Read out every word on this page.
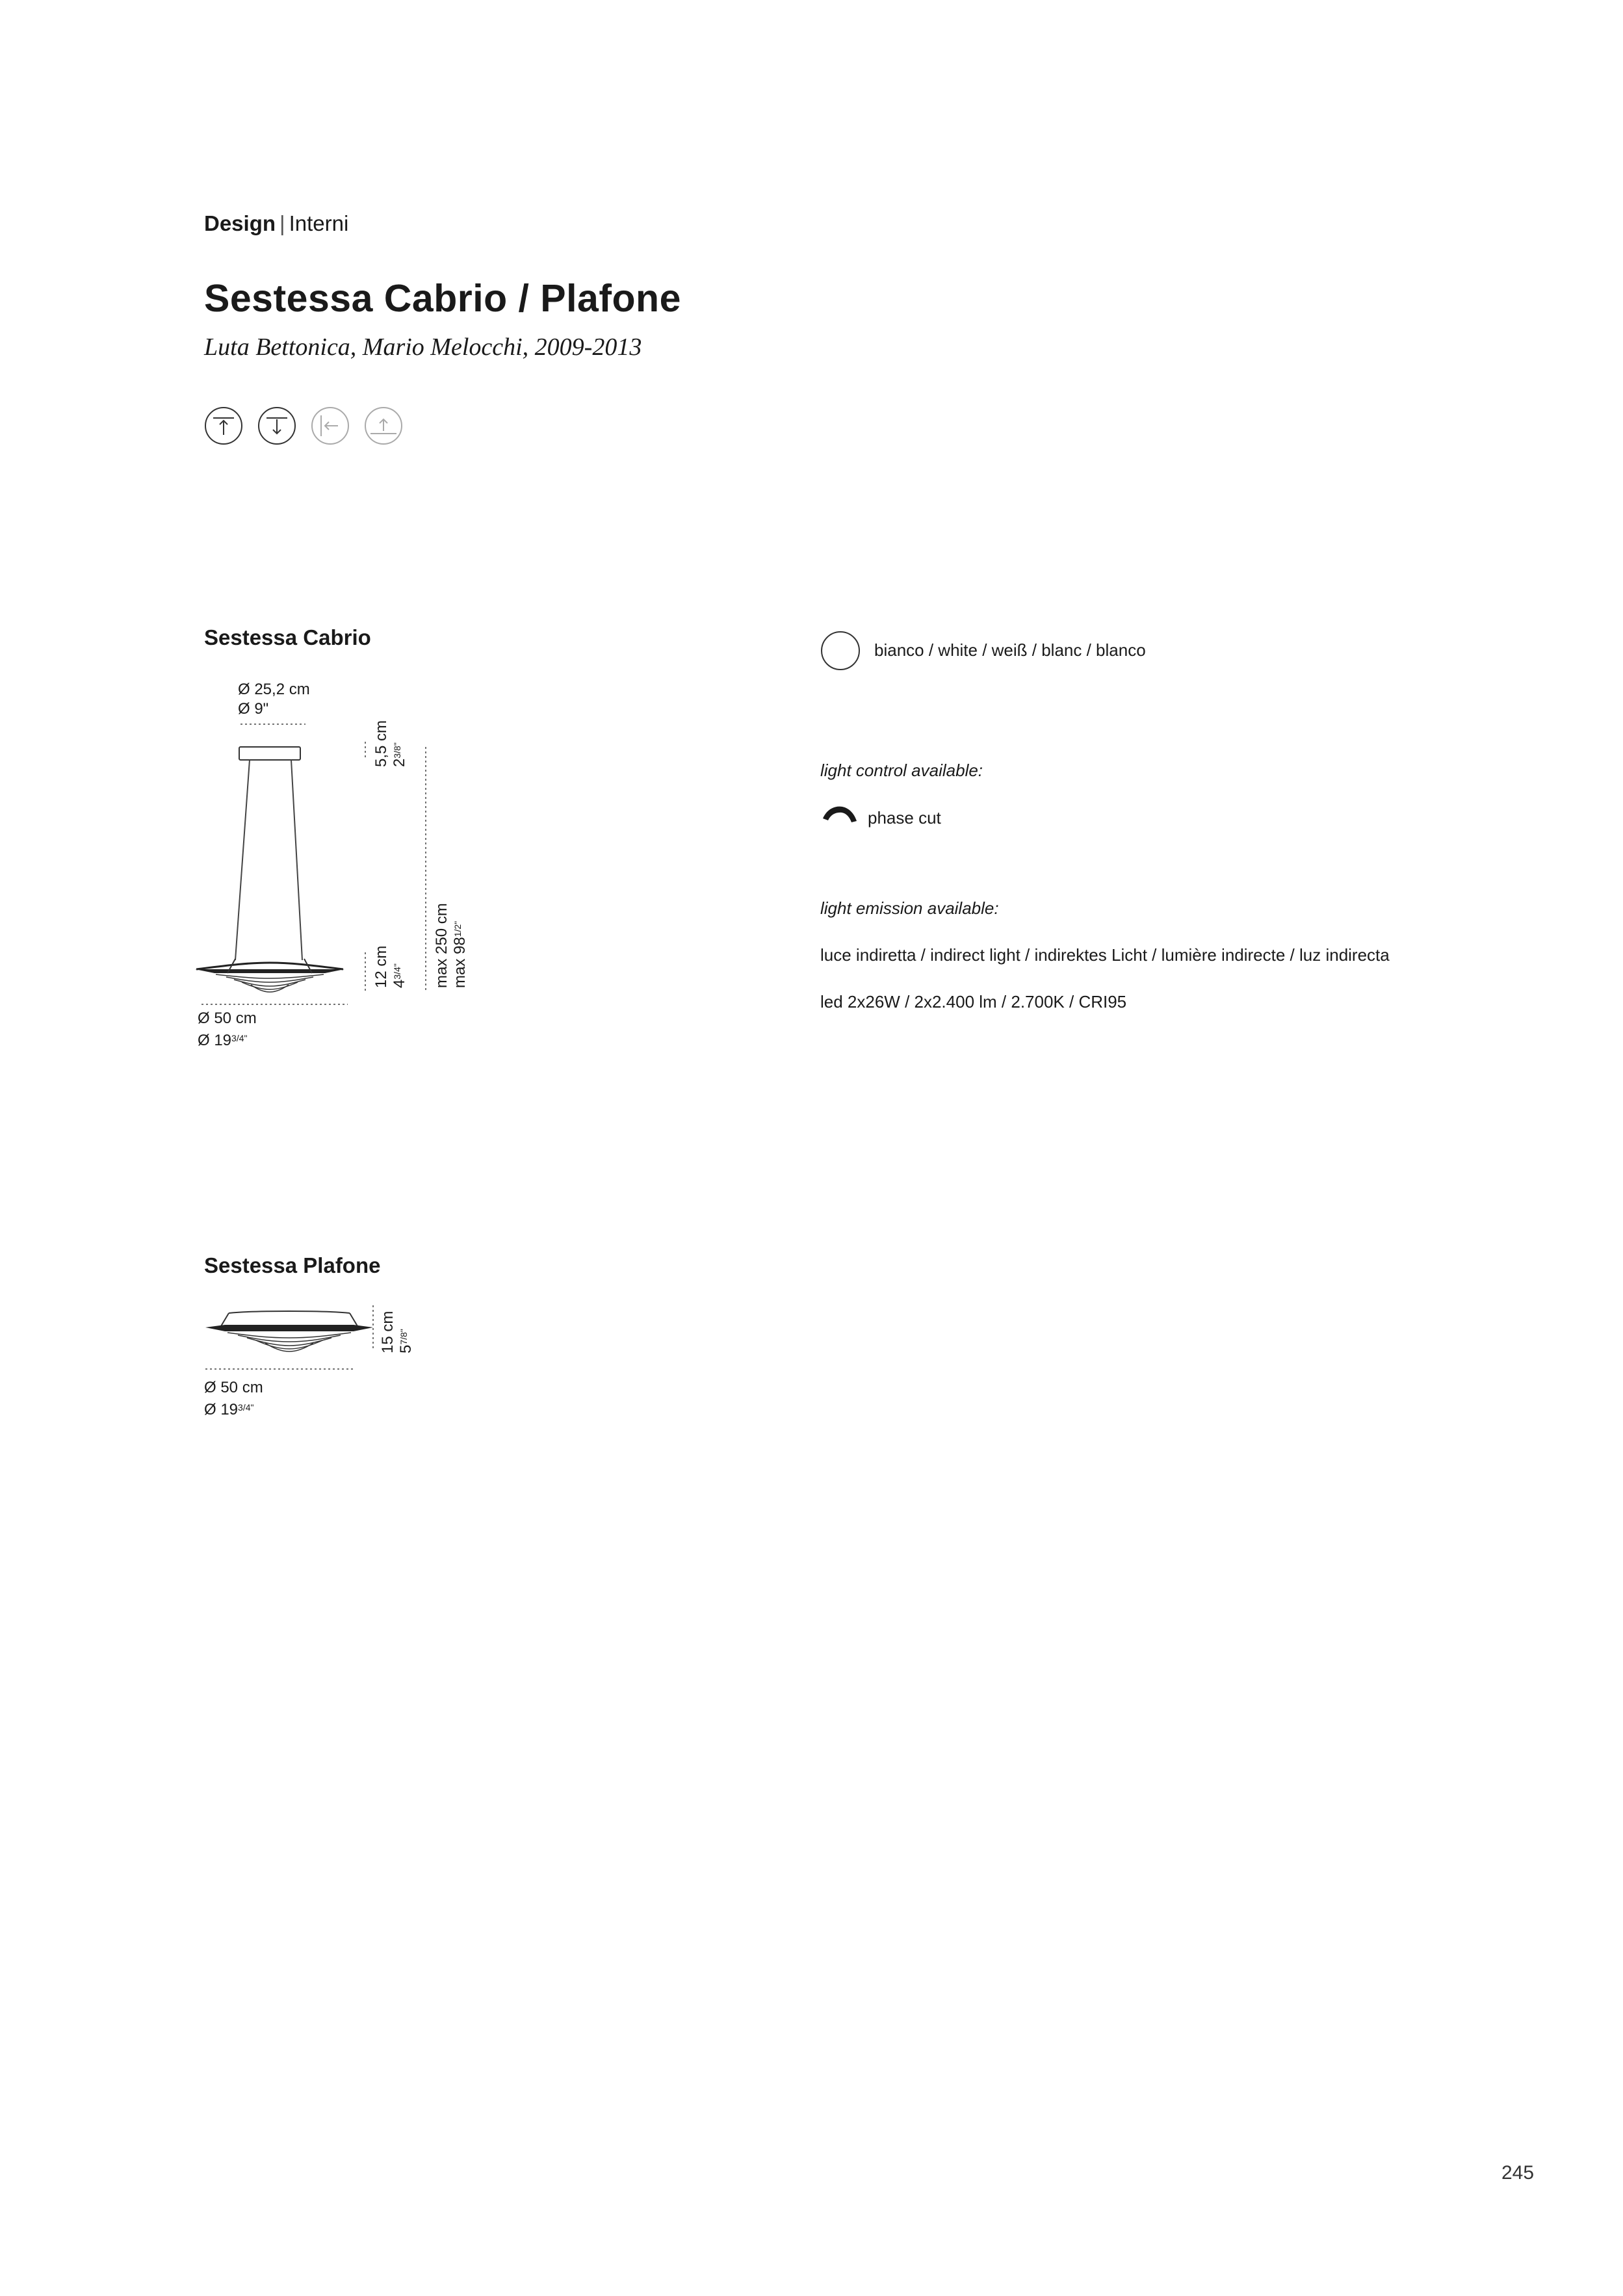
Design | Interni
Sestessa Cabrio / Plafone
Luta Bettonica, Mario Melocchi, 2009-2013
Sestessa Cabrio
Ø 25,2 cm
Ø 9"
5,5 cm $2^{3/8"}$
12 cm $4^{3/4"}$	max 250 cm $\max 98^{1/2"}$
Ø 50 cm
Ø $19^{3/4"}$
Sestessa Plafone
15 cm $5^{7/8"}$
Ø 50 cm
Ø $19^{3/4"}$
bianco / white / weiß / blanc / blanco
light control available:
phase cut
light emission available:
luce indiretta / indirect light / indirektes Licht / lumière indirecte / luz indirecta
led 2x26W / 2x2.400 lm / 2.700K / CRI95
245
